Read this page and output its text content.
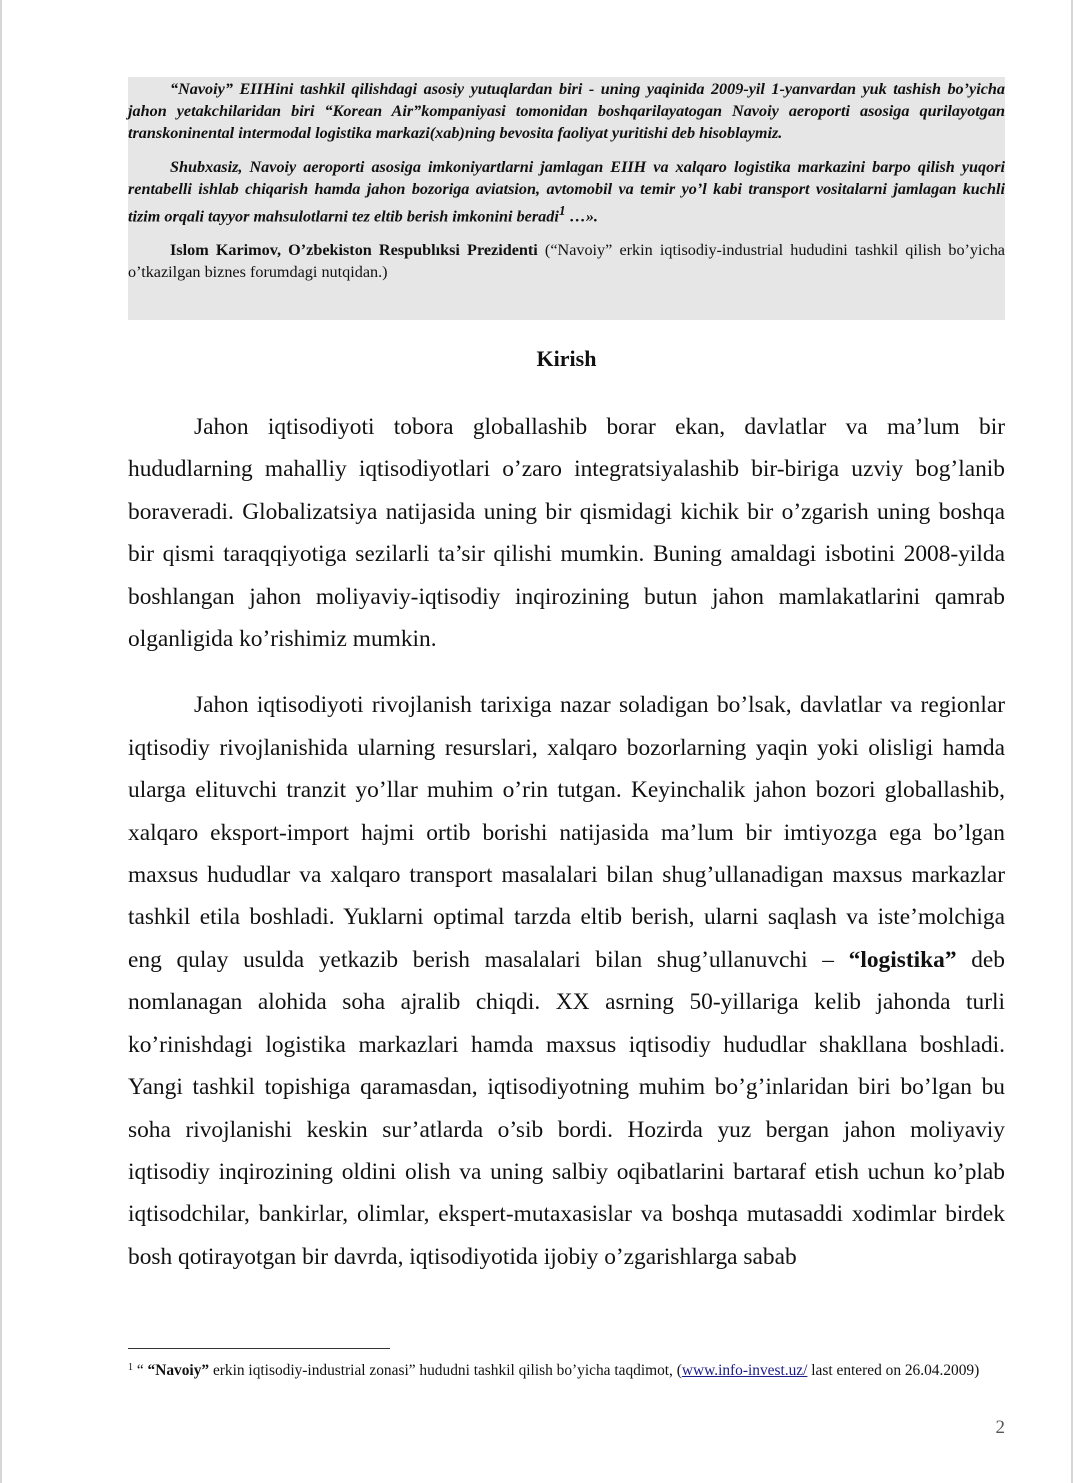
“Navoiy” EIIHini tashkil qilishdagi asosiy yutuqlardan biri - uning yaqinida 2009-yil 1-yanvardan yuk tashish bo’yicha jahon yetakchilaridan biri “Korean Air”kompaniyasi tomonidan boshqarilayatogan Navoiy aeroporti asosiga qurilayotgan transkoninental intermodal logistika markazi(xab)ning bevosita faoliyat yuritishi deb hisoblaymiz.

Shubxasiz, Navoiy aeroporti asosiga imkoniyartlarni jamlagan EIIH va xalqaro logistika markazini barpo qilish yuqori rentabelli ishlab chiqarish hamda jahon bozoriga aviatsion, avtomobil va temir yo’l kabi transport vositalarni jamlagan kuchli tizim orqali tayyor mahsulotlarni tez eltib berish imkonini beradi$^1$ …».

Islom Karimov, O’zbekiston Respublıksi Prezidenti (“Navoiy” erkin iqtisodiy-industrial hududini tashkil qilish bo’yicha o’tkazilgan biznes forumdagi nutqidan.)

Kirish

Jahon iqtisodiyoti tobora globallashib borar ekan, davlatlar va ma’lum bir hududlarning mahalliy iqtisodiyotlari o’zaro integratsiyalashib bir-biriga uzviy bog’lanib boraveradi. Globalizatsiya natijasida uning bir qismidagi kichik bir o’zgarish uning boshqa bir qismi taraqqiyotiga sezilarli ta’sir qilishi mumkin. Buning amaldagi isbotini 2008-yilda boshlangan jahon moliyaviy-iqtisodiy inqirozining butun jahon mamlakatlarini qamrab olganligida ko’rishimiz mumkin.

Jahon iqtisodiyoti rivojlanish tarixiga nazar soladigan bo’lsak, davlatlar va regionlar iqtisodiy rivojlanishida ularning resurslari, xalqaro bozorlarning yaqin yoki olisligi hamda ularga elituvchi tranzit yo’llar muhim o’rin tutgan. Keyinchalik jahon bozori globallashib, xalqaro eksport-import hajmi ortib borishi natijasida ma’lum bir imtiyozga ega bo’lgan maxsus hududlar va xalqaro transport masalalari bilan shug’ullanadigan maxsus markazlar tashkil etila boshladi. Yuklarni optimal tarzda eltib berish, ularni saqlash va iste’molchiga eng qulay usulda yetkazib berish masalalari bilan shug’ullanuvchi – “logistika” deb nomlanagan alohida soha ajralib chiqdi. XX asrning 50-yillariga kelib jahonda turli ko’rinishdagi logistika markazlari hamda maxsus iqtisodiy hududlar shakllana boshladi. Yangi tashkil topishiga qaramasdan, iqtisodiyotning muhim bo’g’inlaridan biri bo’lgan bu soha rivojlanishi keskin sur’atlarda o’sib bordi. Hozirda yuz bergan jahon moliyaviy iqtisodiy inqirozining oldini olish va uning salbiy oqibatlarini bartaraf etish uchun ko’plab iqtisodchilar, bankirlar, olimlar, ekspert-mutaxasislar va boshqa mutasaddi xodimlar birdek bosh qotirayotgan bir davrda, iqtisodiyotida ijobiy o’zgarishlarga sabab

$^1$ “ “Navoiy” erkin iqtisodiy-industrial zonasi” hududni tashkil qilish bo’yicha taqdimot, (www.info-invest.uz/ last entered on 26.04.2009)

2
